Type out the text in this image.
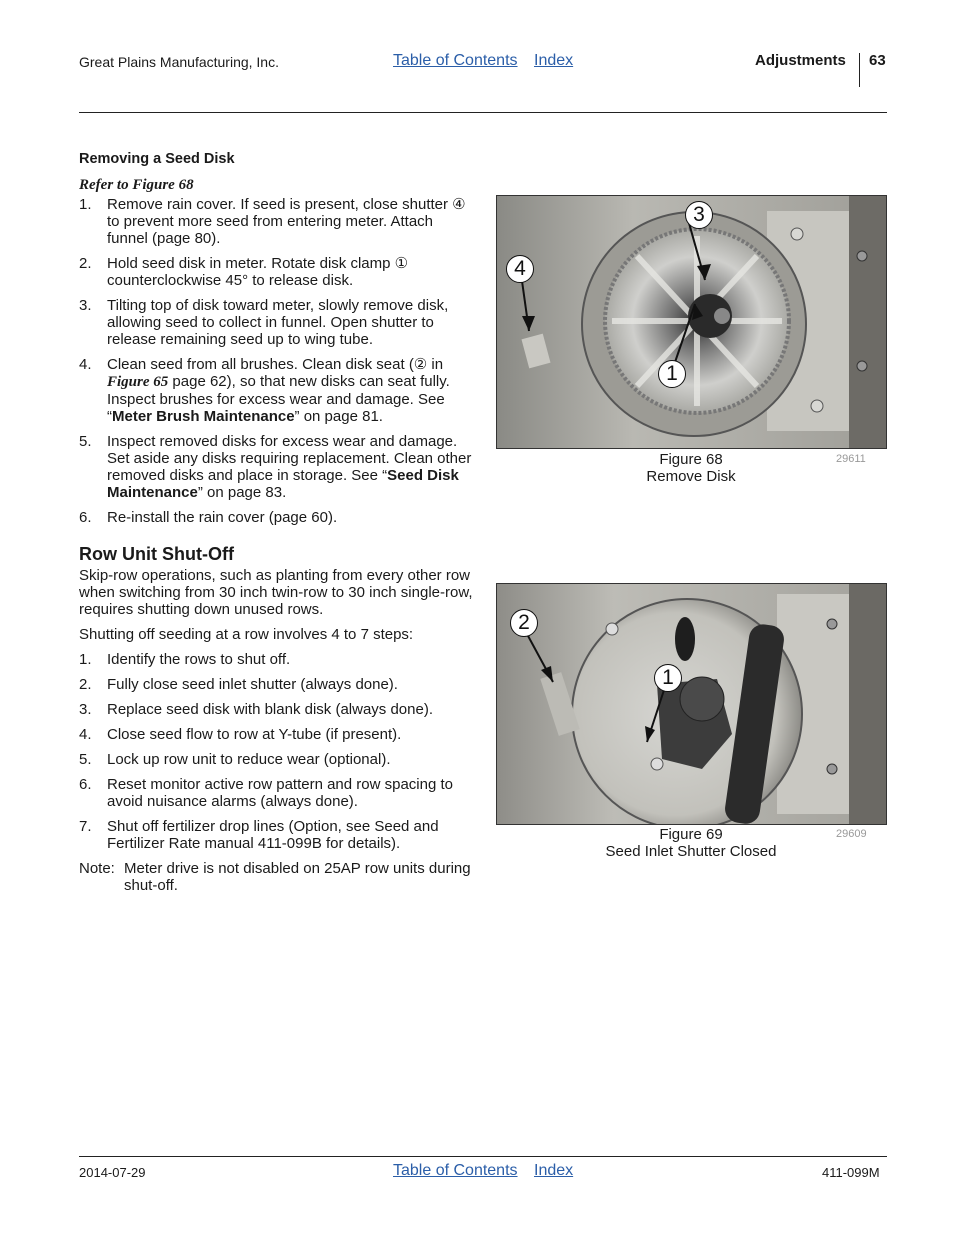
Great Plains Manufacturing, Inc.	Table of Contents Index	Adjustments 63
Removing a Seed Disk
Refer to Figure 68
1. Remove rain cover. If seed is present, close shutter ④ to prevent more seed from entering meter. Attach funnel (page 80).
2. Hold seed disk in meter. Rotate disk clamp ① counterclockwise 45° to release disk.
3. Tilting top of disk toward meter, slowly remove disk, allowing seed to collect in funnel. Open shutter to release remaining seed up to wing tube.
4. Clean seed from all brushes. Clean disk seat (② in Figure 65 page 62), so that new disks can seat fully. Inspect brushes for excess wear and damage. See “Meter Brush Maintenance” on page 81.
5. Inspect removed disks for excess wear and damage. Set aside any disks requiring replacement. Clean other removed disks and place in storage. See “Seed Disk Maintenance” on page 83.
6. Re-install the rain cover (page 60).
Row Unit Shut-Off

Skip-row operations, such as planting from every other row when switching from 30 inch twin-row to 30 inch single-row, requires shutting down unused rows.

Shutting off seeding at a row involves 4 to 7 steps:

1. Identify the rows to shut off.
2. Fully close seed inlet shutter (always done).
3. Replace seed disk with blank disk (always done).
4. Close seed flow to row at Y-tube (if present).
5. Lock up row unit to reduce wear (optional).
6. Reset monitor active row pattern and row spacing to avoid nuisance alarms (always done).
7. Shut off fertilizer drop lines (Option, see Seed and Fertilizer Rate manual 411-099B for details).
Note: Meter drive is not disabled on 25AP row units during shut-off.
3
4
1
Figure 68
Remove Disk
29611
2
1
Figure 69
Seed Inlet Shutter Closed
29609
2014-07-29	Table of Contents Index	411-099M
